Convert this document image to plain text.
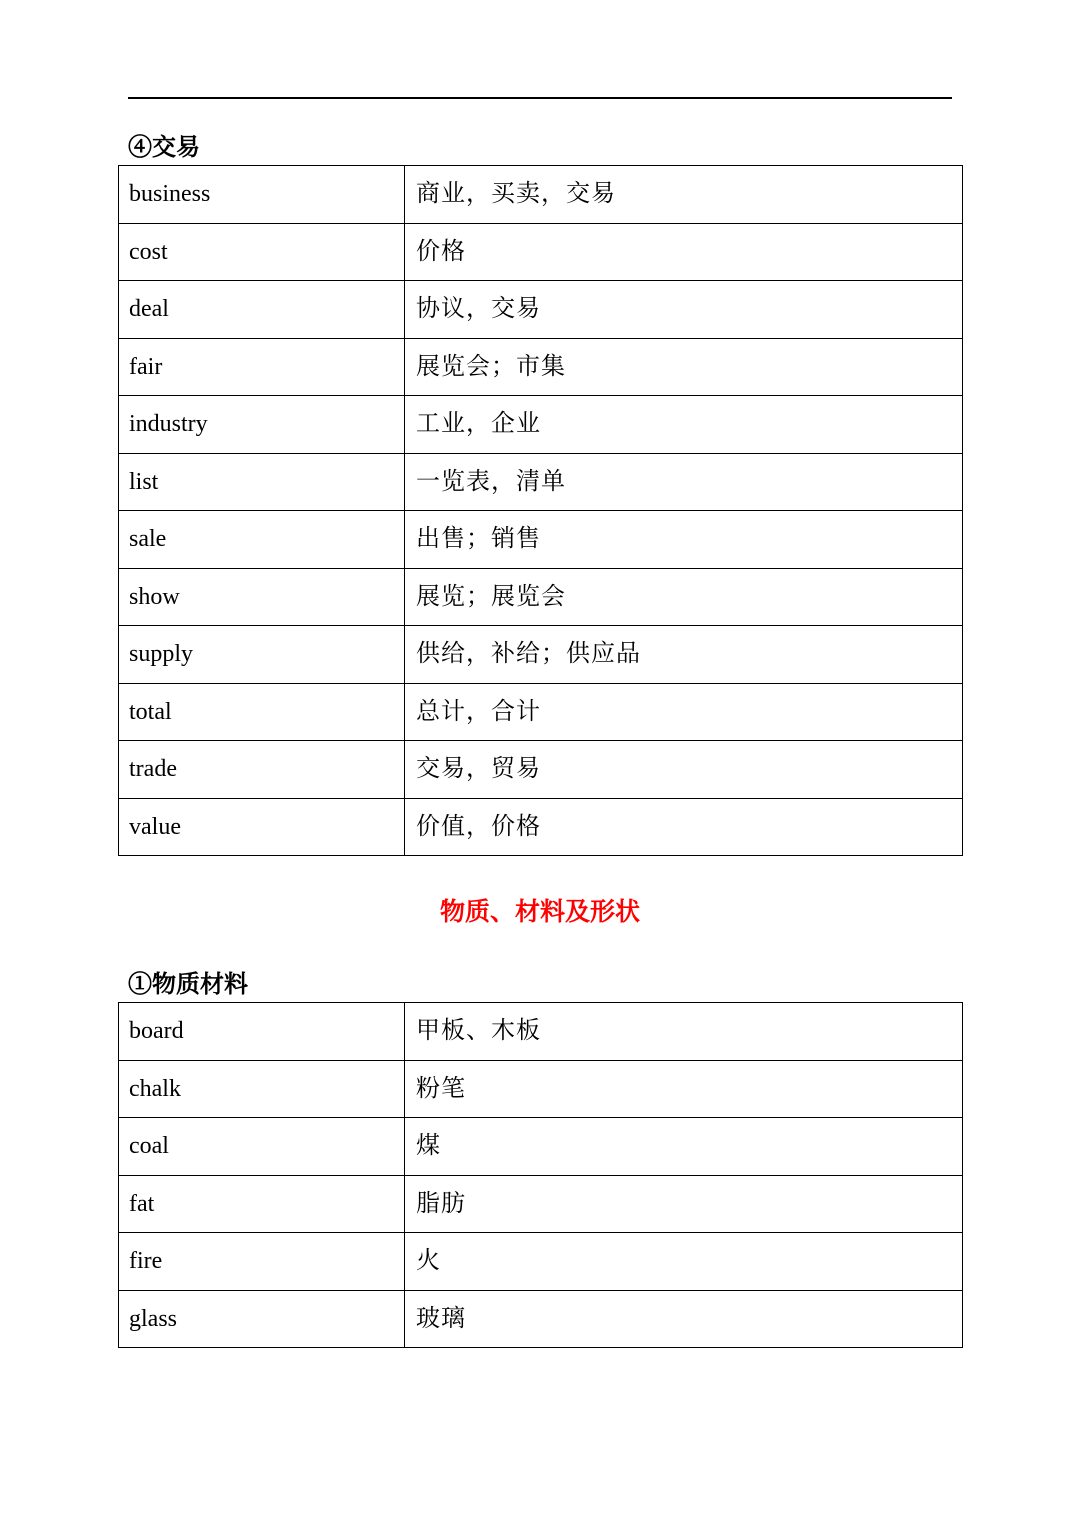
④交易
business	商业，买卖，交易
cost	价格
deal	协议，交易
fair	展览会；市集
industry	工业，企业
list	一览表，清单
sale	出售；销售
show	展览；展览会
supply	供给，补给；供应品
total	总计，合计
trade	交易，贸易
value	价值，价格
物质、材料及形状
①物质材料
board	甲板、木板
chalk	粉笔
coal	煤
fat	脂肪
fire	火
glass	玻璃
